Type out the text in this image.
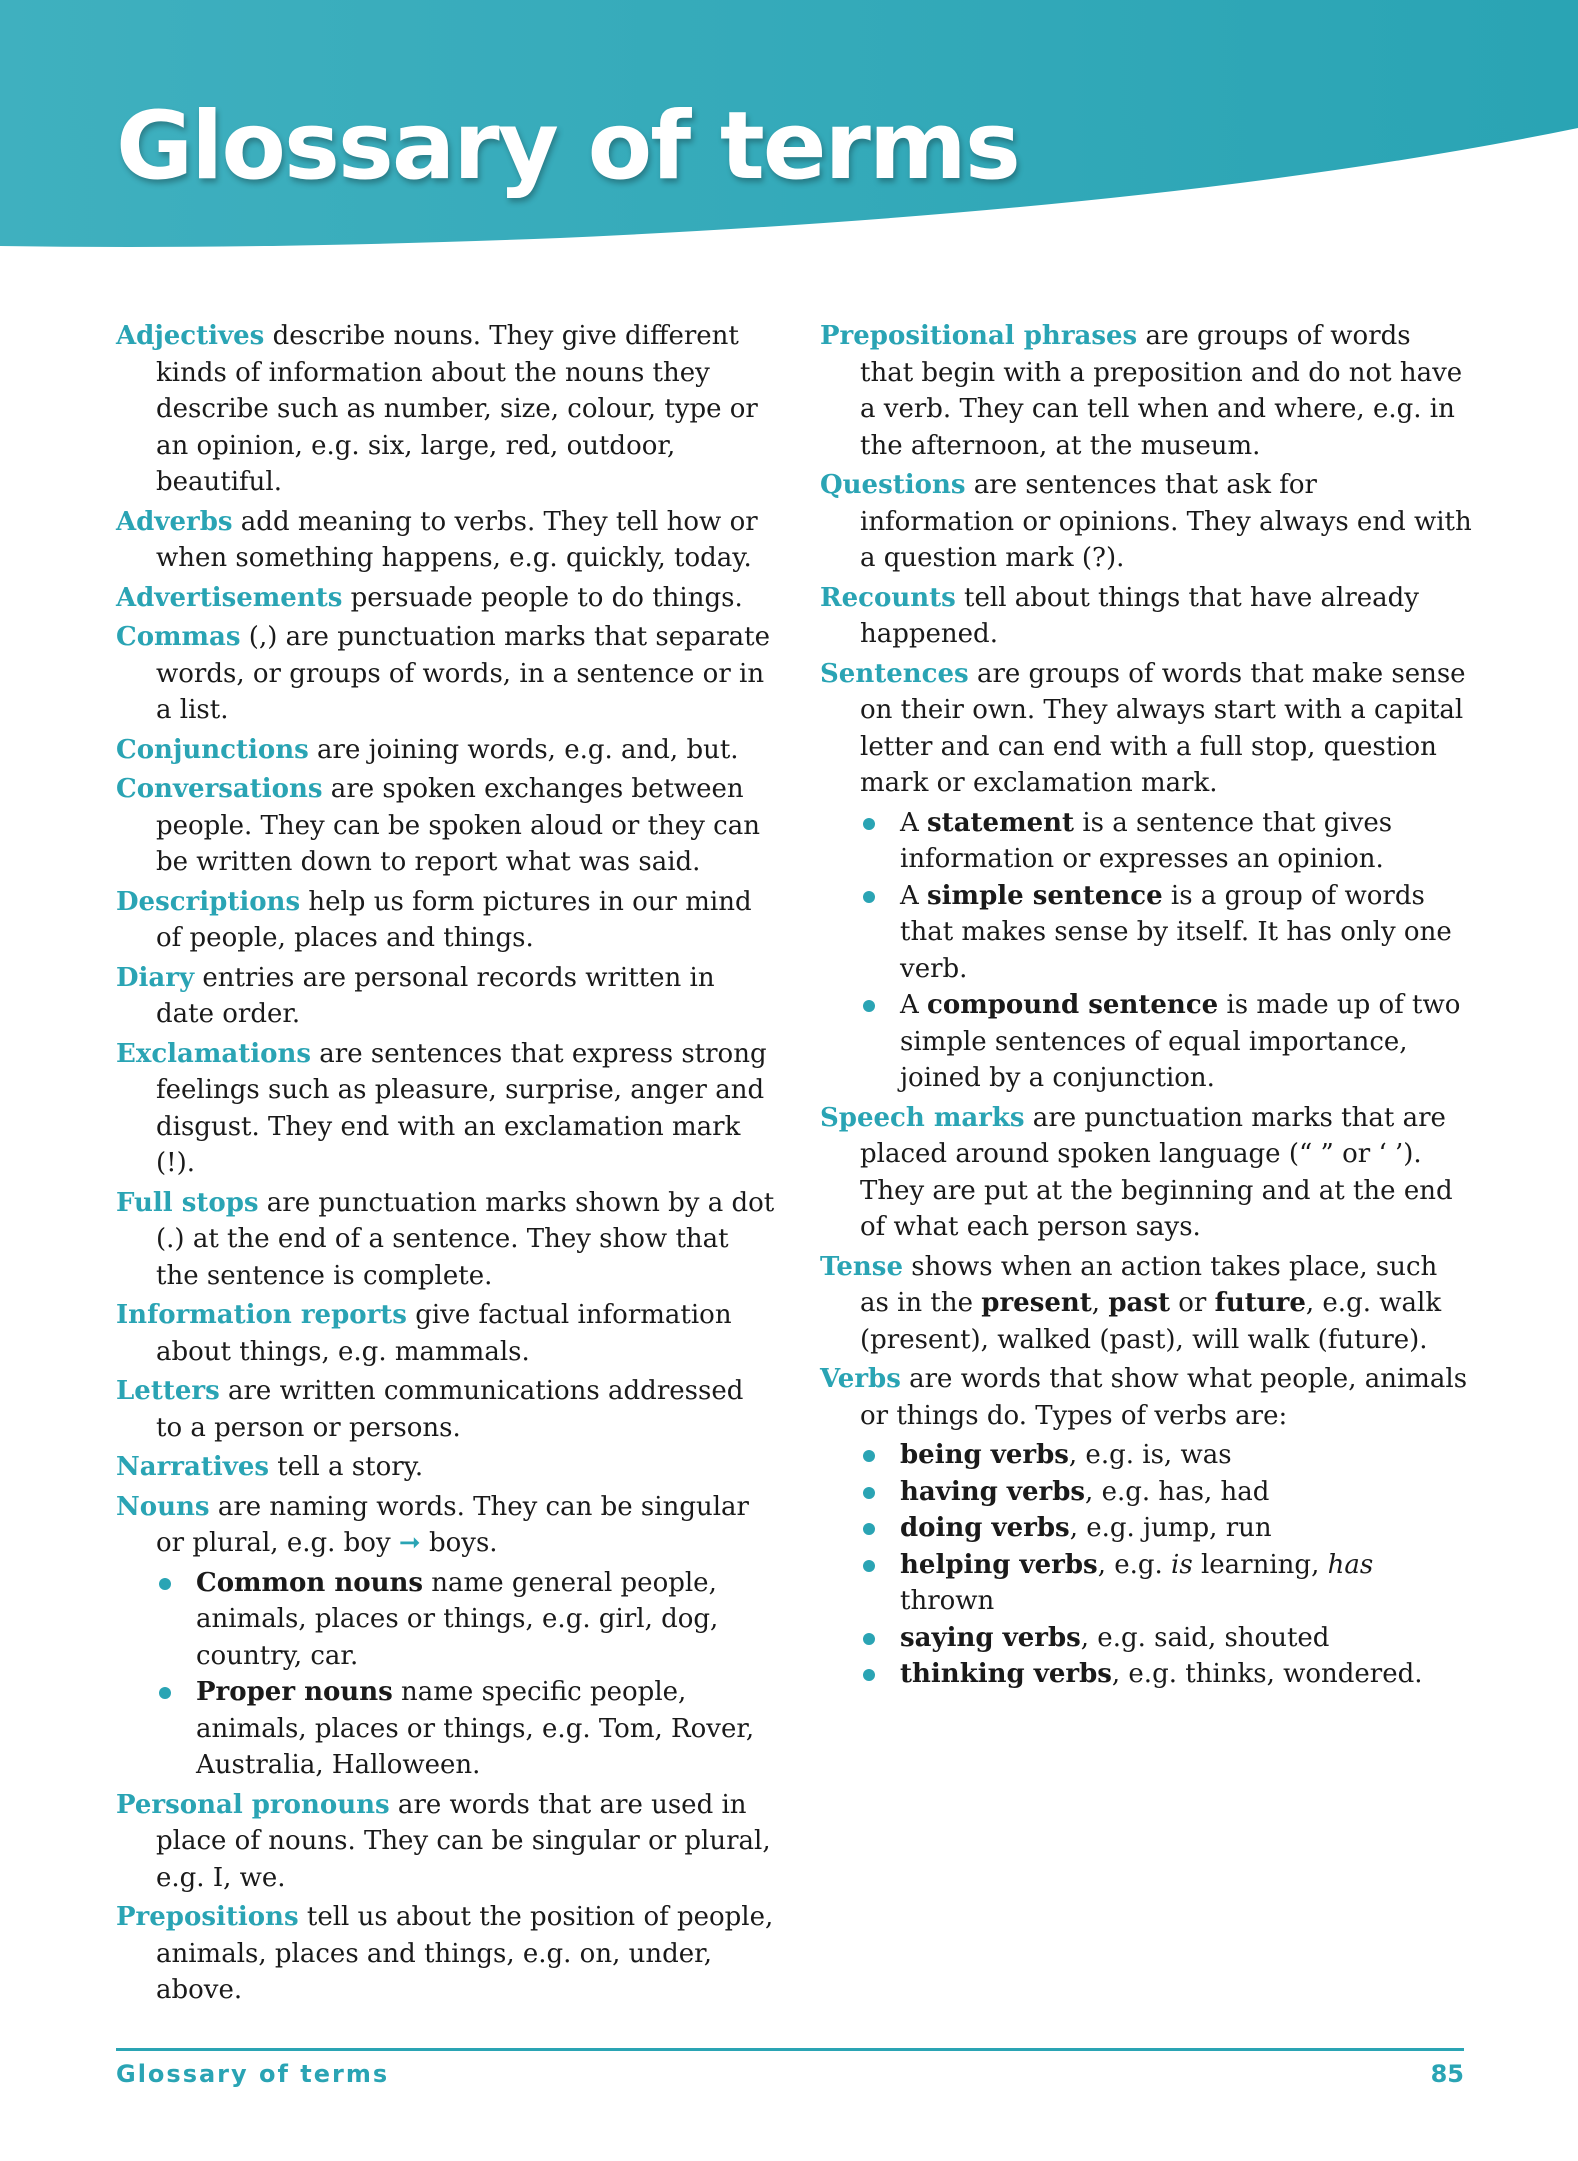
Glossary of terms

Adjectives describe nouns. They give different kinds of information about the nouns they describe such as number, size, colour, type or an opinion, e.g. six, large, red, outdoor, beautiful.

Adverbs add meaning to verbs. They tell how or when something happens, e.g. quickly, today.

Advertisements persuade people to do things.

Commas (,) are punctuation marks that separate words, or groups of words, in a sentence or in a list.

Conjunctions are joining words, e.g. and, but.

Conversations are spoken exchanges between people. They can be spoken aloud or they can be written down to report what was said.

Descriptions help us form pictures in our mind of people, places and things.

Diary entries are personal records written in date order.

Exclamations are sentences that express strong feelings such as pleasure, surprise, anger and disgust. They end with an exclamation mark (!).

Full stops are punctuation marks shown by a dot (.) at the end of a sentence. They show that the sentence is complete.

Information reports give factual information about things, e.g. mammals.

Letters are written communications addressed to a person or persons.

Narratives tell a story.

Nouns are naming words. They can be singular or plural, e.g. boy ➞ boys.

Common nouns name general people, animals, places or things, e.g. girl, dog, country, car.
Proper nouns name specific people, animals, places or things, e.g. Tom, Rover, Australia, Halloween.

Personal pronouns are words that are used in place of nouns. They can be singular or plural, e.g. I, we.

Prepositions tell us about the position of people, animals, places and things, e.g. on, under, above.

Prepositional phrases are groups of words that begin with a preposition and do not have a verb. They can tell when and where, e.g. in the afternoon, at the museum.

Questions are sentences that ask for information or opinions. They always end with a question mark (?).

Recounts tell about things that have already happened.

Sentences are groups of words that make sense on their own. They always start with a capital letter and can end with a full stop, question mark or exclamation mark.

A statement is a sentence that gives information or expresses an opinion.
A simple sentence is a group of words that makes sense by itself. It has only one verb.
A compound sentence is made up of two simple sentences of equal importance, joined by a conjunction.

Speech marks are punctuation marks that are placed around spoken language (“ ” or ‘ ’). They are put at the beginning and at the end of what each person says.

Tense shows when an action takes place, such as in the present, past or future, e.g. walk (present), walked (past), will walk (future).

Verbs are words that show what people, animals or things do. Types of verbs are:

being verbs, e.g. is, was
having verbs, e.g. has, had
doing verbs, e.g. jump, run
helping verbs, e.g. is learning, has thrown
saying verbs, e.g. said, shouted
thinking verbs, e.g. thinks, wondered.
Glossary of terms	85
